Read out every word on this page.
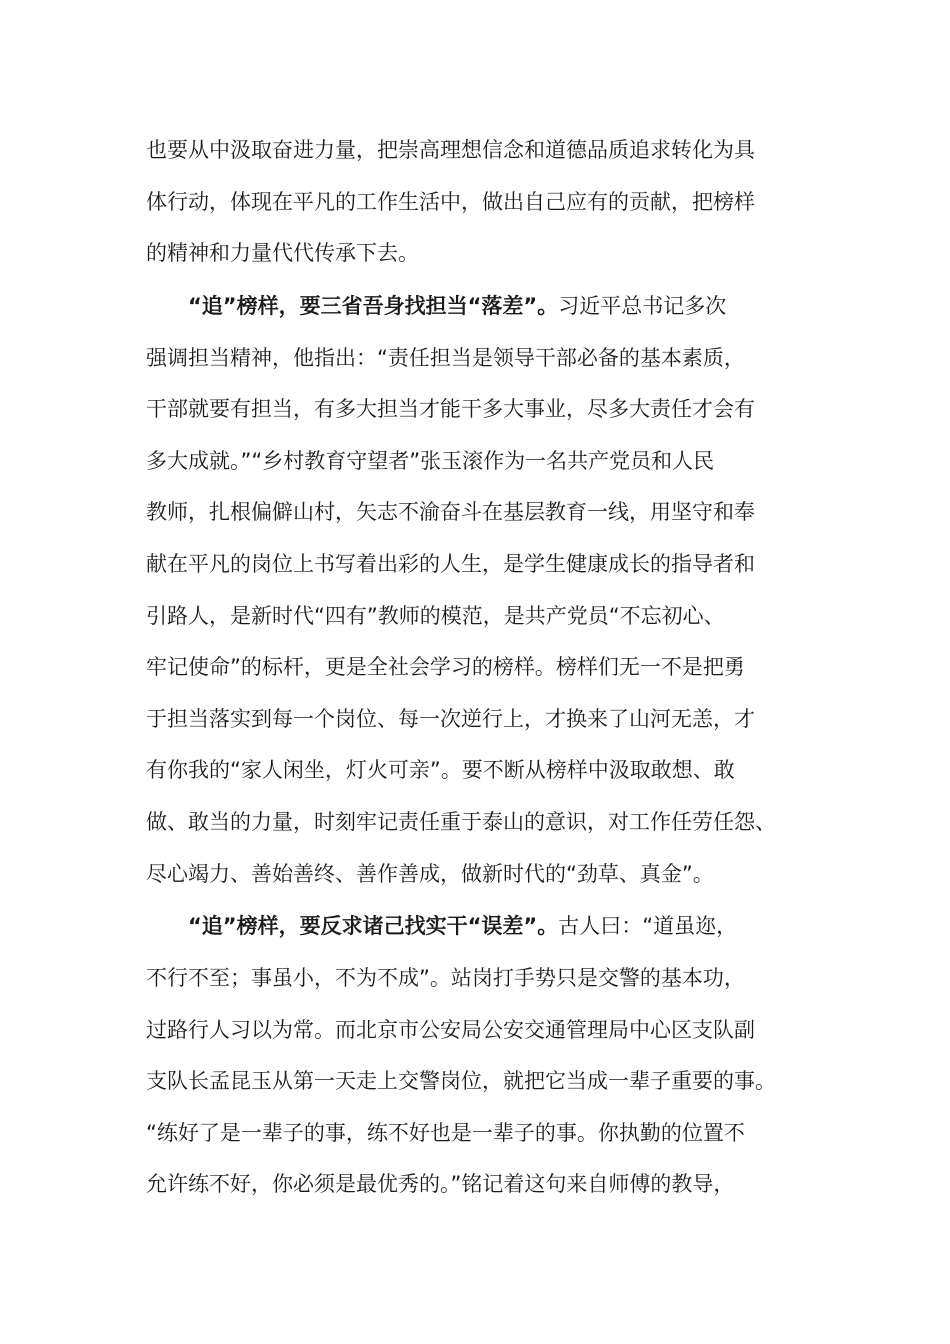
也要从中汲取奋进力量，把崇高理想信念和道德品质追求转化为具
体行动，体现在平凡的工作生活中，做出自己应有的贡献，把榜样
的精神和力量代代传承下去。
“追”榜样，要三省吾身找担当“落差”。习近平总书记多次
强调担当精神，他指出：“责任担当是领导干部必备的基本素质，
干部就要有担当，有多大担当才能干多大事业，尽多大责任才会有
多大成就。”“乡村教育守望者”张玉滚作为一名共产党员和人民
教师，扎根偏僻山村，矢志不渝奋斗在基层教育一线，用坚守和奉
献在平凡的岗位上书写着出彩的人生，是学生健康成长的指导者和
引路人，是新时代“四有”教师的模范，是共产党员“不忘初心、
牢记使命”的标杆，更是全社会学习的榜样。榜样们无一不是把勇
于担当落实到每一个岗位、每一次逆行上，才换来了山河无恙，才
有你我的“家人闲坐，灯火可亲”。要不断从榜样中汲取敢想、敢
做、敢当的力量，时刻牢记责任重于泰山的意识，对工作任劳任怨、
尽心竭力、善始善终、善作善成，做新时代的“劲草、真金”。
“追”榜样，要反求诸己找实干“误差”。古人曰：“道虽迩，
不行不至；事虽小，不为不成”。站岗打手势只是交警的基本功，
过路行人习以为常。而北京市公安局公安交通管理局中心区支队副
支队长孟昆玉从第一天走上交警岗位，就把它当成一辈子重要的事。
“练好了是一辈子的事，练不好也是一辈子的事。你执勤的位置不
允许练不好，你必须是最优秀的。”铭记着这句来自师傅的教导，
